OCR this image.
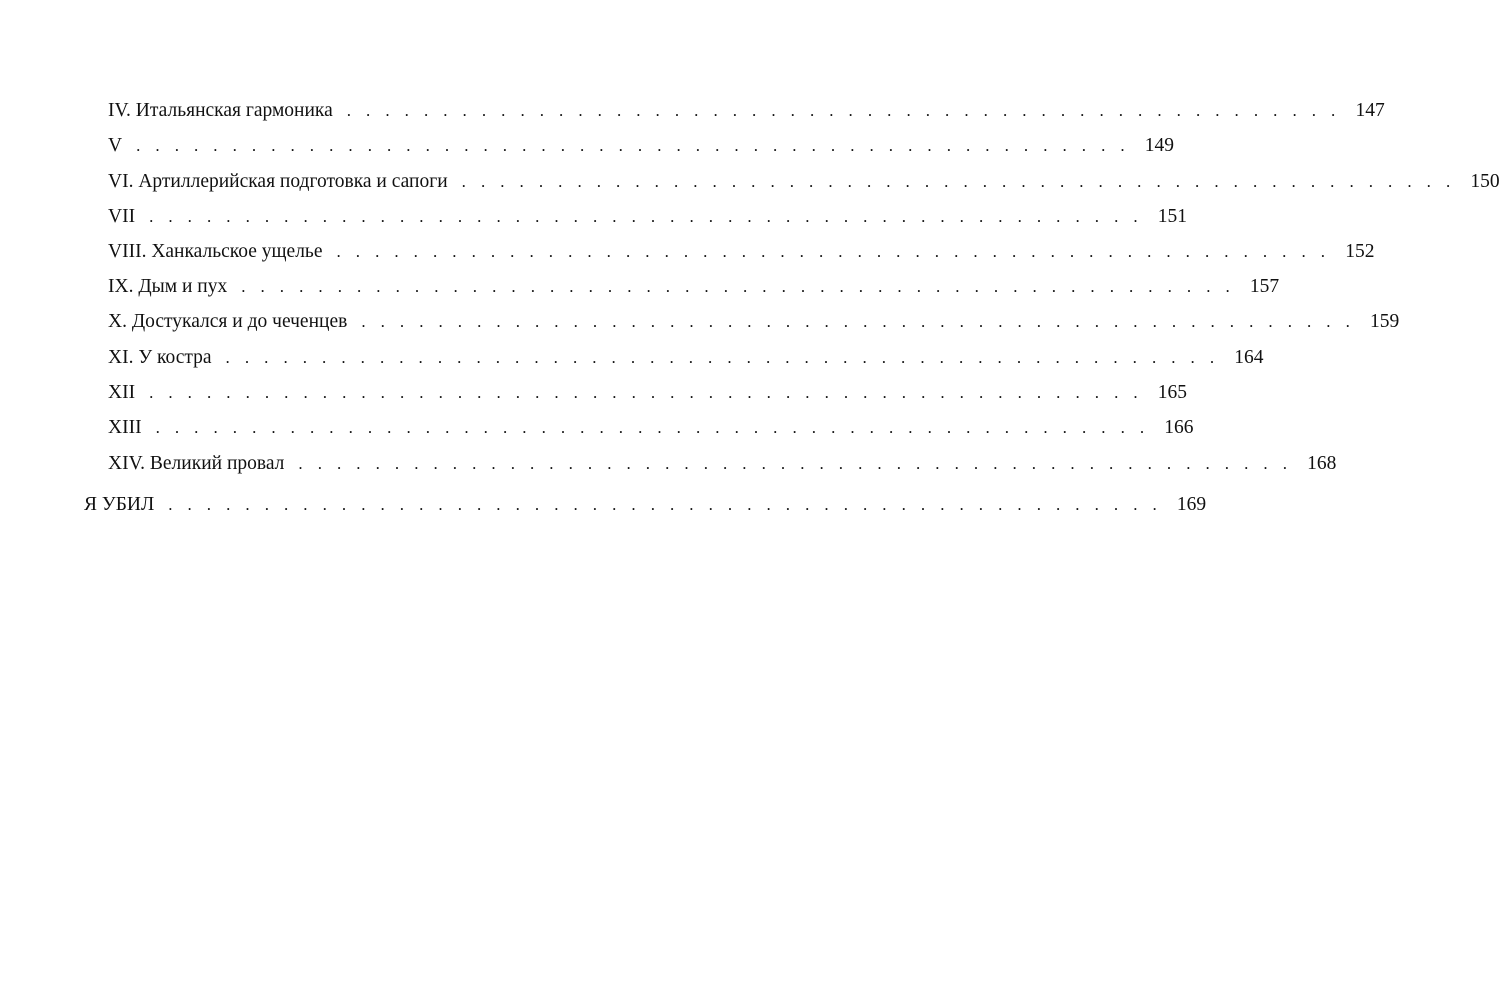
IV. Итальянская гармоника . . . . . . . . . . . . . . . . . . . . . . . . . . . . . . . . . . . . . . . . . . . . . . . . . . . . 147
V . . . . . . . . . . . . . . . . . . . . . . . . . . . . . . . . . . . . . . . . . . . . . . . . . . . . 149
VI. Артиллерийская подготовка и сапоги . . . . . . . . . . . . . . . . . . . . . . . . . . . . . . . . . . . . . . . . . . . . . . . . . . . . 150
VII . . . . . . . . . . . . . . . . . . . . . . . . . . . . . . . . . . . . . . . . . . . . . . . . . . . . 151
VIII. Ханкальское ущелье . . . . . . . . . . . . . . . . . . . . . . . . . . . . . . . . . . . . . . . . . . . . . . . . . . . . 152
IX. Дым и пух . . . . . . . . . . . . . . . . . . . . . . . . . . . . . . . . . . . . . . . . . . . . . . . . . . . . 157
X. Достукался и до чеченцев . . . . . . . . . . . . . . . . . . . . . . . . . . . . . . . . . . . . . . . . . . . . . . . . . . . . 159
XI. У костра . . . . . . . . . . . . . . . . . . . . . . . . . . . . . . . . . . . . . . . . . . . . . . . . . . . . 164
XII . . . . . . . . . . . . . . . . . . . . . . . . . . . . . . . . . . . . . . . . . . . . . . . . . . . . 165
XIII . . . . . . . . . . . . . . . . . . . . . . . . . . . . . . . . . . . . . . . . . . . . . . . . . . . . 166
XIV. Великий провал . . . . . . . . . . . . . . . . . . . . . . . . . . . . . . . . . . . . . . . . . . . . . . . . . . . . 168
Я УБИЛ . . . . . . . . . . . . . . . . . . . . . . . . . . . . . . . . . . . . . . . . . . . . . . . . . . . . 169
